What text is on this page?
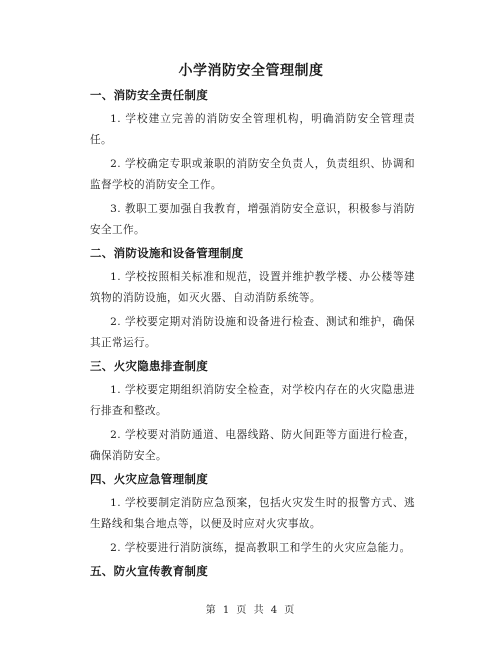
小学消防安全管理制度
一、消防安全责任制度

1. 学校建立完善的消防安全管理机构，明确消防安全管理责任。

2. 学校确定专职或兼职的消防安全负责人，负责组织、协调和监督学校的消防安全工作。

3. 教职工要加强自我教育，增强消防安全意识，积极参与消防安全工作。

二、消防设施和设备管理制度

1. 学校按照相关标准和规范，设置并维护教学楼、办公楼等建筑物的消防设施，如灭火器、自动消防系统等。

2. 学校要定期对消防设施和设备进行检查、测试和维护，确保其正常运行。

三、火灾隐患排查制度

1. 学校要定期组织消防安全检查，对学校内存在的火灾隐患进行排查和整改。

2. 学校要对消防通道、电器线路、防火间距等方面进行检查，确保消防安全。

四、火灾应急管理制度

1. 学校要制定消防应急预案，包括火灾发生时的报警方式、逃生路线和集合地点等，以便及时应对火灾事故。

2. 学校要进行消防演练，提高教职工和学生的火灾应急能力。

五、防火宣传教育制度
第 1 页 共 4 页
